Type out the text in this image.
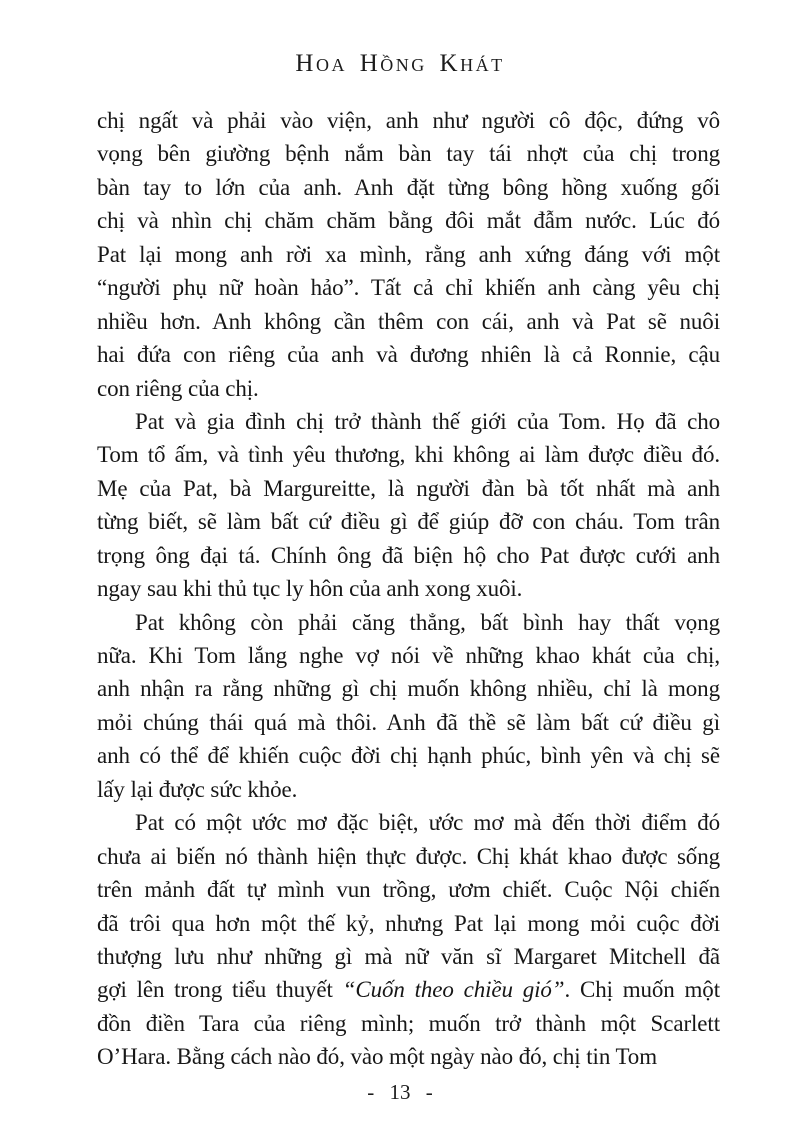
Hoa Hồng Khát
chị ngất và phải vào viện, anh như người cô độc, đứng vô
vọng bên giường bệnh nắm bàn tay tái nhợt của chị trong
bàn tay to lớn của anh. Anh đặt từng bông hồng xuống gối
chị và nhìn chị chăm chăm bằng đôi mắt đẫm nước. Lúc đó
Pat lại mong anh rời xa mình, rằng anh xứng đáng với một
“người phụ nữ hoàn hảo”. Tất cả chỉ khiến anh càng yêu chị
nhiều hơn. Anh không cần thêm con cái, anh và Pat sẽ nuôi
hai đứa con riêng của anh và đương nhiên là cả Ronnie, cậu
con riêng của chị.
Pat và gia đình chị trở thành thế giới của Tom. Họ đã cho
Tom tổ ấm, và tình yêu thương, khi không ai làm được điều đó.
Mẹ của Pat, bà Margureitte, là người đàn bà tốt nhất mà anh
từng biết, sẽ làm bất cứ điều gì để giúp đỡ con cháu. Tom trân
trọng ông đại tá. Chính ông đã biện hộ cho Pat được cưới anh
ngay sau khi thủ tục ly hôn của anh xong xuôi.
Pat không còn phải căng thẳng, bất bình hay thất vọng
nữa. Khi Tom lắng nghe vợ nói về những khao khát của chị,
anh nhận ra rằng những gì chị muốn không nhiều, chỉ là mong
mỏi chúng thái quá mà thôi. Anh đã thề sẽ làm bất cứ điều gì
anh có thể để khiến cuộc đời chị hạnh phúc, bình yên và chị sẽ
lấy lại được sức khỏe.
Pat có một ước mơ đặc biệt, ước mơ mà đến thời điểm đó
chưa ai biến nó thành hiện thực được. Chị khát khao được sống
trên mảnh đất tự mình vun trồng, ươm chiết. Cuộc Nội chiến
đã trôi qua hơn một thế kỷ, nhưng Pat lại mong mỏi cuộc đời
thượng lưu như những gì mà nữ văn sĩ Margaret Mitchell đã
gợi lên trong tiểu thuyết “Cuốn theo chiều gió”. Chị muốn một
đồn điền Tara của riêng mình; muốn trở thành một Scarlett
O’Hara. Bằng cách nào đó, vào một ngày nào đó, chị tin Tom
- 13 -
